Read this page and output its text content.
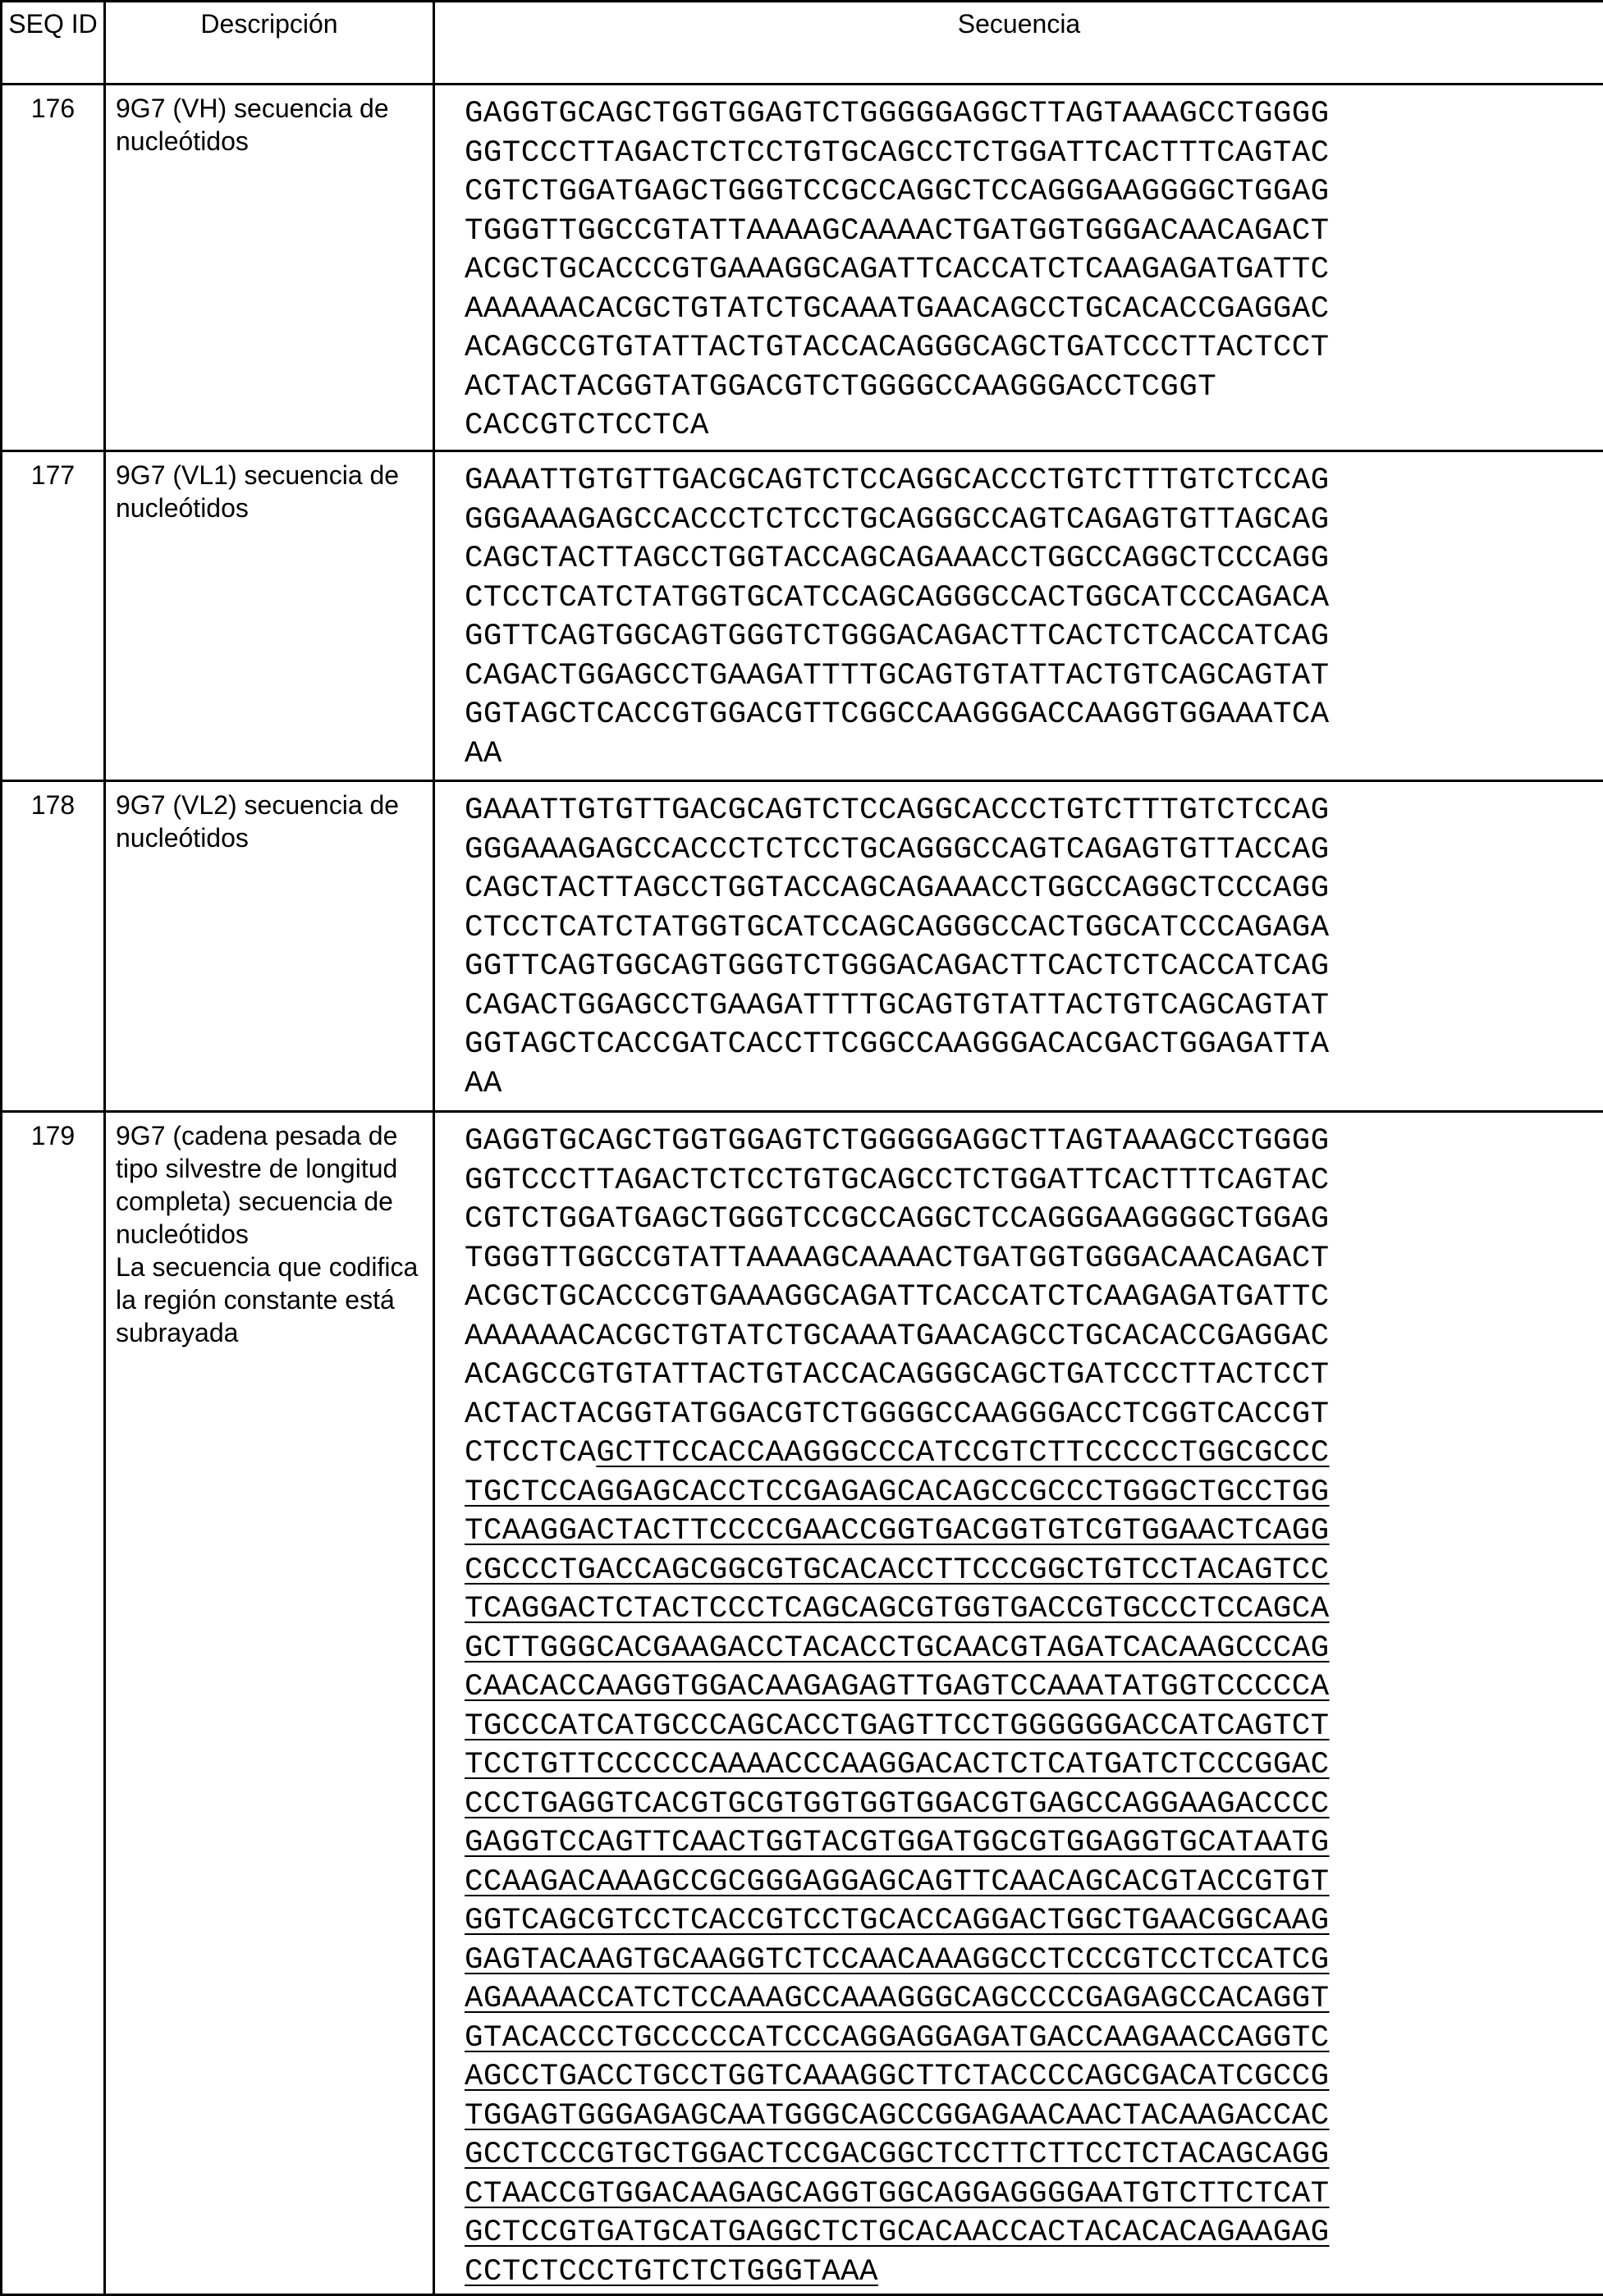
SEQ ID	Descripción	Secuencia
176	9G7 (VH) secuencia de nucleótidos

GAGGTGCAGCTGGTGGAGTCTGGGGGAGGCTTAGTAAAGCCTGGGG
GGTCCCTTAGACTCTCCTGTGCAGCCTCTGGATTCACTTTCAGTAC
CGTCTGGATGAGCTGGGTCCGCCAGGCTCCAGGGAAGGGGCTGGAG
TGGGTTGGCCGTATTAAAAGCAAAACTGATGGTGGGACAACAGACT
ACGCTGCACCCGTGAAAGGCAGATTCACCATCTCAAGAGATGATTC
AAAAAACACGCTGTATCTGCAAATGAACAGCCTGCACACCGAGGAC
ACAGCCGTGTATTACTGTACCACAGGGCAGCTGATCCCTTACTCCT
ACTACTACGGTATGGACGTCTGGGGCCAAGGGACCTCGGT
CACCGTCTCCTCA

177	9G7 (VL1) secuencia de nucleótidos

GAAATTGTGTTGACGCAGTCTCCAGGCACCCTGTCTTTGTCTCCAG
GGGAAAGAGCCACCCTCTCCTGCAGGGCCAGTCAGAGTGTTAGCAG
CAGCTACTTAGCCTGGTACCAGCAGAAACCTGGCCAGGCTCCCAGG
CTCCTCATCTATGGTGCATCCAGCAGGGCCACTGGCATCCCAGACA
GGTTCAGTGGCAGTGGGTCTGGGACAGACTTCACTCTCACCATCAG
CAGACTGGAGCCTGAAGATTTTGCAGTGTATTACTGTCAGCAGTAT
GGTAGCTCACCGTGGACGTTCGGCCAAGGGACCAAGGTGGAAATCA
AA

178	9G7 (VL2) secuencia de nucleótidos

GAAATTGTGTTGACGCAGTCTCCAGGCACCCTGTCTTTGTCTCCAG
GGGAAAGAGCCACCCTCTCCTGCAGGGCCAGTCAGAGTGTTACCAG
CAGCTACTTAGCCTGGTACCAGCAGAAACCTGGCCAGGCTCCCAGG
CTCCTCATCTATGGTGCATCCAGCAGGGCCACTGGCATCCCAGAGA
GGTTCAGTGGCAGTGGGTCTGGGACAGACTTCACTCTCACCATCAG
CAGACTGGAGCCTGAAGATTTTGCAGTGTATTACTGTCAGCAGTAT
GGTAGCTCACCGATCACCTTCGGCCAAGGGACACGACTGGAGATTA
AA

179	9G7 (cadena pesada de tipo silvestre de longitud completa) secuencia de nucleótidos

La secuencia que codifica la región constante está subrayada

GAGGTGCAGCTGGTGGAGTCTGGGGGAGGCTTAGTAAAGCCTGGGG
GGTCCCTTAGACTCTCCTGTGCAGCCTCTGGATTCACTTTCAGTAC
CGTCTGGATGAGCTGGGTCCGCCAGGCTCCAGGGAAGGGGCTGGAG
TGGGTTGGCCGTATTAAAAGCAAAACTGATGGTGGGACAACAGACT
ACGCTGCACCCGTGAAAGGCAGATTCACCATCTCAAGAGATGATTC
AAAAAACACGCTGTATCTGCAAATGAACAGCCTGCACACCGAGGAC
ACAGCCGTGTATTACTGTACCACAGGGCAGCTGATCCCTTACTCCT
ACTACTACGGTATGGACGTCTGGGGCCAAGGGACCTCGGTCACCGT
CTCCTCAGCTTCCACCAAGGGCCCATCCGTCTTCCCCCTGGCGCCC
TGCTCCAGGAGCACCTCCGAGAGCACAGCCGCCCTGGGCTGCCTGG
TCAAGGACTACTTCCCCGAACCGGTGACGGTGTCGTGGAACTCAGG
CGCCCTGACCAGCGGCGTGCACACCTTCCCGGCTGTCCTACAGTCC
TCAGGACTCTACTCCCTCAGCAGCGTGGTGACCGTGCCCTCCAGCA
GCTTGGGCACGAAGACCTACACCTGCAACGTAGATCACAAGCCCAG
CAACACCAAGGTGGACAAGAGAGTTGAGTCCAAATATGGTCCCCCA
TGCCCATCATGCCCAGCACCTGAGTTCCTGGGGGGACCATCAGTCT
TCCTGTTCCCCCCAAAACCCAAGGACACTCTCATGATCTCCCGGAC
CCCTGAGGTCACGTGCGTGGTGGTGGACGTGAGCCAGGAAGACCCC
GAGGTCCAGTTCAACTGGTACGTGGATGGCGTGGAGGTGCATAATG
CCAAGACAAAGCCGCGGGAGGAGCAGTTCAACAGCACGTACCGTGT
GGTCAGCGTCCTCACCGTCCTGCACCAGGACTGGCTGAACGGCAAG
GAGTACAAGTGCAAGGTCTCCAACAAAGGCCTCCCGTCCTCCATCG
AGAAAACCATCTCCAAAGCCAAAGGGCAGCCCCGAGAGCCACAGGT
GTACACCCTGCCCCCATCCCAGGAGGAGATGACCAAGAACCAGGTC
AGCCTGACCTGCCTGGTCAAAGGCTTCTACCCCAGCGACATCGCCG
TGGAGTGGGAGAGCAATGGGCAGCCGGAGAACAACTACAAGACCAC
GCCTCCCGTGCTGGACTCCGACGGCTCCTTCTTCCTCTACAGCAGG
CTAACCGTGGACAAGAGCAGGTGGCAGGAGGGGAATGTCTTCTCAT
GCTCCGTGATGCATGAGGCTCTGCACAACCACTACACACAGAAGAG
CCTCTCCCTGTCTCTGGGTAAA
